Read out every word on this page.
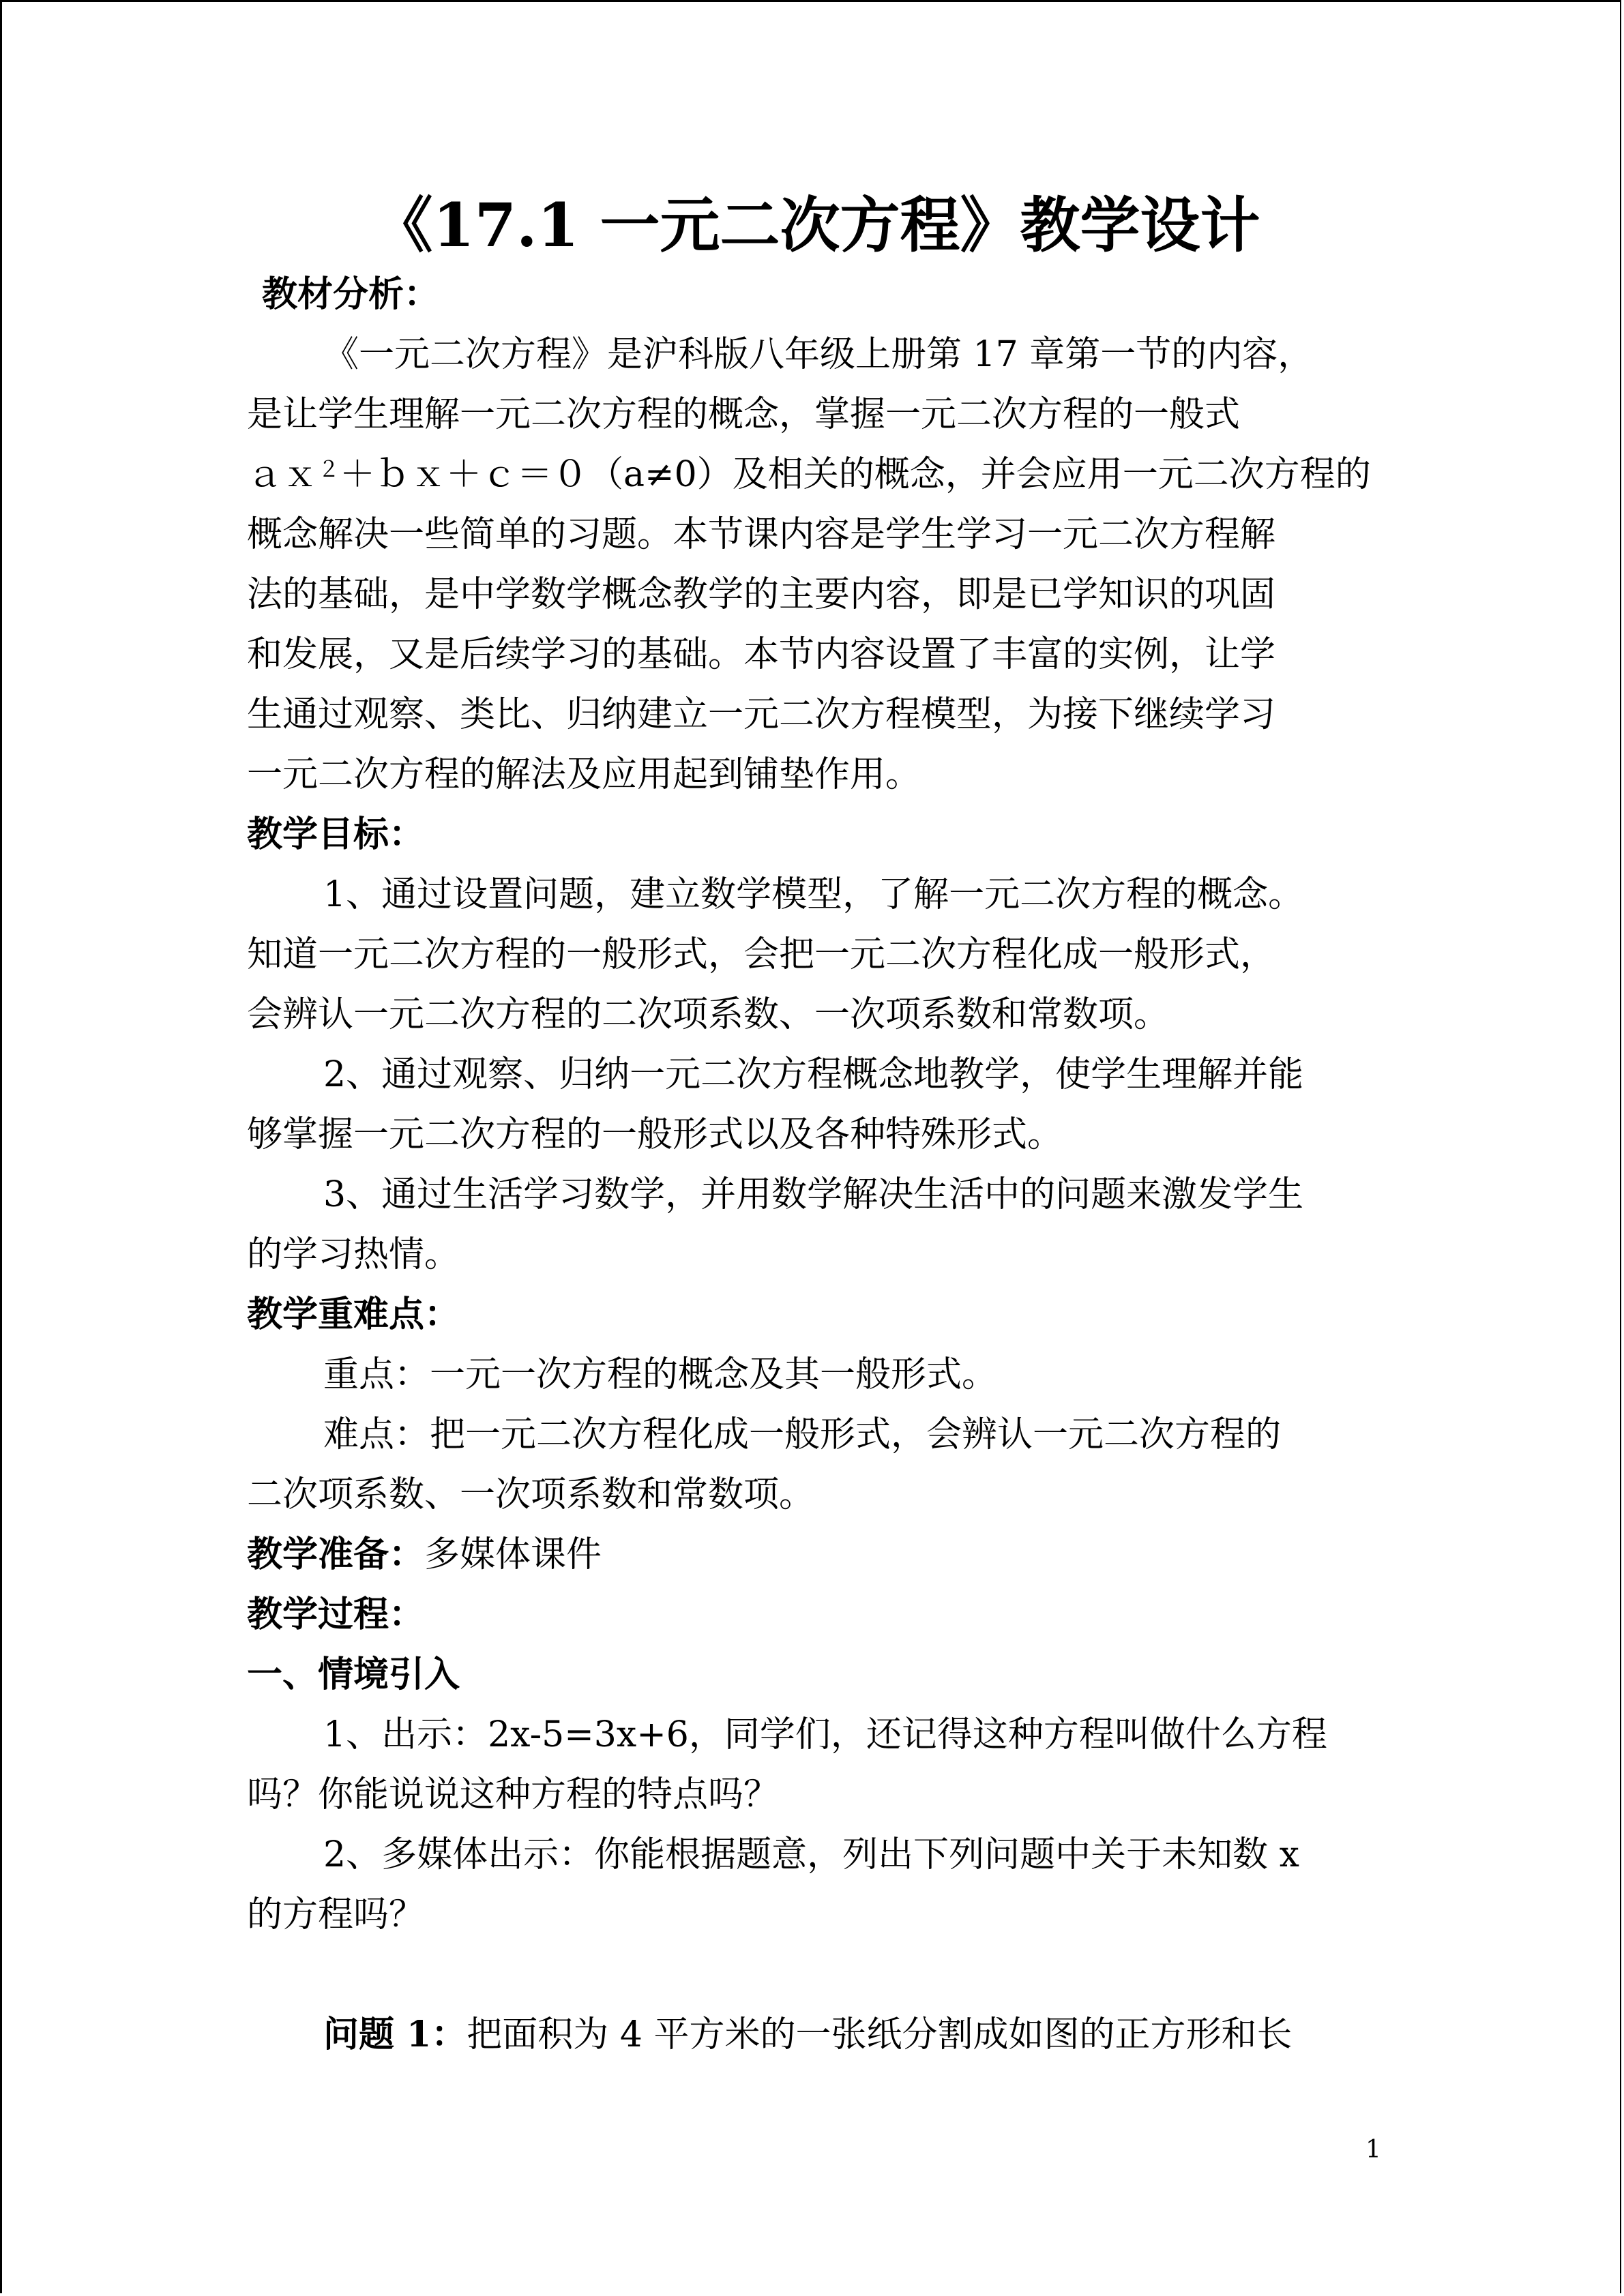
《17.1 一元二次方程》教学设计
教材分析：
《一元二次方程》是沪科版八年级上册第 17 章第一节的内容，
是让学生理解一元二次方程的概念，掌握一元二次方程的一般式
ａｘ$^2$＋ｂｘ＋ｃ＝０（a≠0）及相关的概念，并会应用一元二次方程的
概念解决一些简单的习题。本节课内容是学生学习一元二次方程解
法的基础，是中学数学概念教学的主要内容，即是已学知识的巩固
和发展，又是后续学习的基础。本节内容设置了丰富的实例，让学
生通过观察、类比、归纳建立一元二次方程模型，为接下继续学习
一元二次方程的解法及应用起到铺垫作用。
教学目标：
1、通过设置问题，建立数学模型，了解一元二次方程的概念。
知道一元二次方程的一般形式，会把一元二次方程化成一般形式，
会辨认一元二次方程的二次项系数、一次项系数和常数项。
2、通过观察、归纳一元二次方程概念地教学，使学生理解并能
够掌握一元二次方程的一般形式以及各种特殊形式。
3、通过生活学习数学，并用数学解决生活中的问题来激发学生
的学习热情。
教学重难点：
重点：一元一次方程的概念及其一般形式。
难点：把一元二次方程化成一般形式，会辨认一元二次方程的
二次项系数、一次项系数和常数项。
教学准备：多媒体课件
教学过程：
一、情境引入
1、出示：2x-5=3x+6，同学们，还记得这种方程叫做什么方程
吗？你能说说这种方程的特点吗？
2、多媒体出示：你能根据题意，列出下列问题中关于未知数 x
的方程吗？
问题 1：把面积为 4 平方米的一张纸分割成如图的正方形和长
1
